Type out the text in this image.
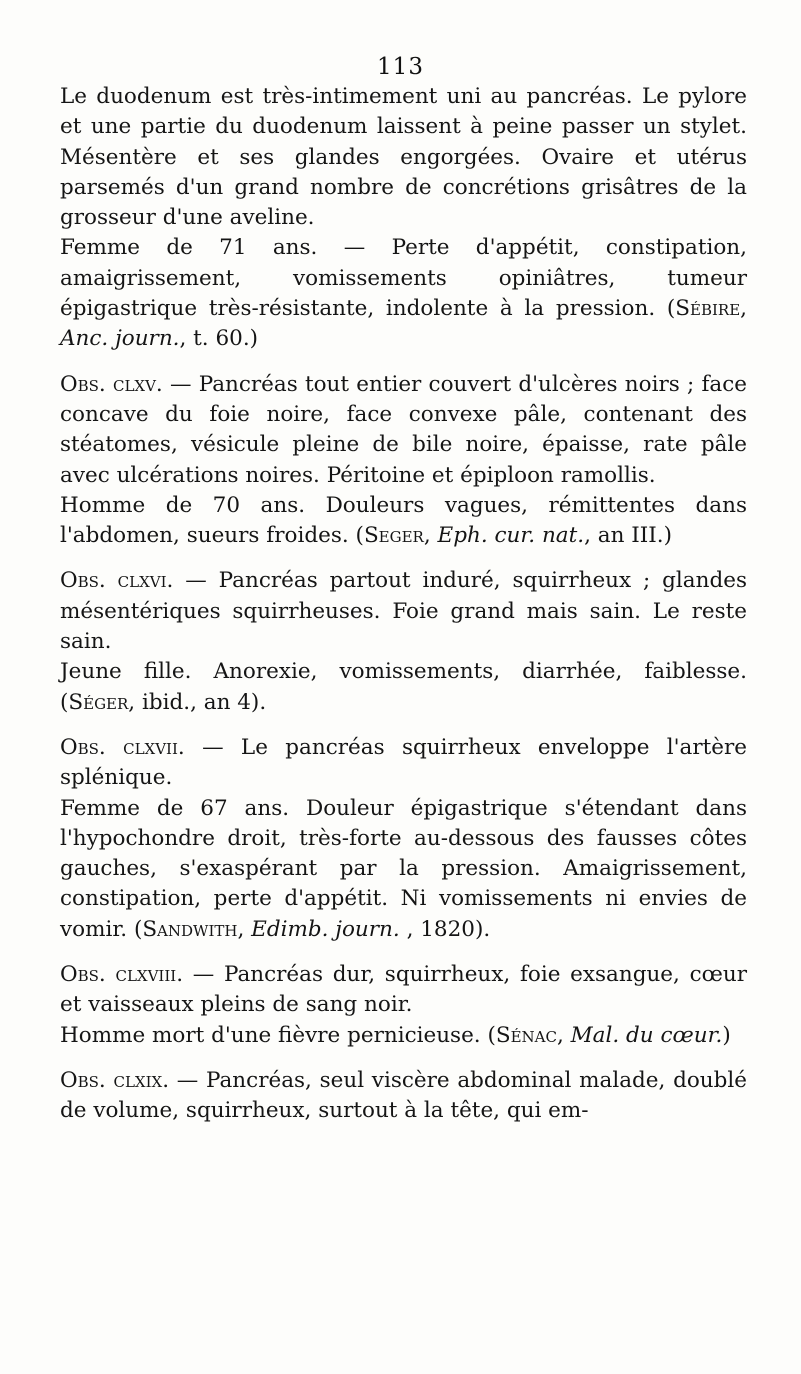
113

Le duodenum est très-intimement uni au pancréas. Le pylore et une partie du duodenum laissent à peine passer un stylet. Mésentère et ses glandes engorgées. Ovaire et utérus parsemés d'un grand nombre de concrétions grisâtres de la grosseur d'une aveline.

Femme de 71 ans. — Perte d'appétit, constipation, amaigrissement, vomissements opiniâtres, tumeur épigastrique très-résistante, indolente à la pression. (Sébire, Anc. journ., t. 60.)

Obs. clxv. — Pancréas tout entier couvert d'ulcères noirs ; face concave du foie noire, face convexe pâle, contenant des stéatomes, vésicule pleine de bile noire, épaisse, rate pâle avec ulcérations noires. Péritoine et épiploon ramollis.

Homme de 70 ans. Douleurs vagues, rémittentes dans l'abdomen, sueurs froides. (Seger, Eph. cur. nat., an III.)

Obs. clxvi. — Pancréas partout induré, squirrheux ; glandes mésentériques squirrheuses. Foie grand mais sain. Le reste sain.

Jeune fille. Anorexie, vomissements, diarrhée, faiblesse. (Séger, ibid., an 4).

Obs. clxvii. — Le pancréas squirrheux enveloppe l'artère splénique.

Femme de 67 ans. Douleur épigastrique s'étendant dans l'hypochondre droit, très-forte au-dessous des fausses côtes gauches, s'exaspérant par la pression. Amaigrissement, constipation, perte d'appétit. Ni vomissements ni envies de vomir. (Sandwith, Edimb. journ. , 1820).

Obs. clxviii. — Pancréas dur, squirrheux, foie exsangue, cœur et vaisseaux pleins de sang noir.

Homme mort d'une fièvre pernicieuse. (Sénac, Mal. du cœur.)

Obs. clxix. — Pancréas, seul viscère abdominal malade, doublé de volume, squirrheux, surtout à la tête, qui em-
